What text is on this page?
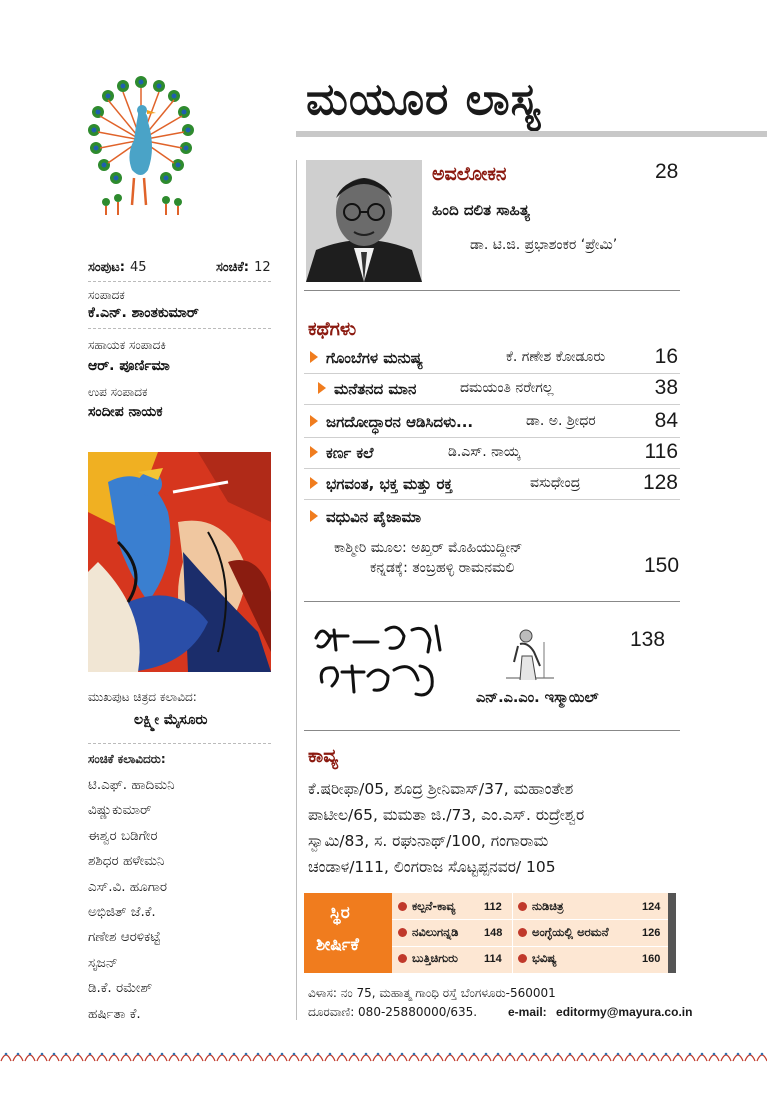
ಮಯೂರ ಲಾಸ್ಯ
ಸಂಪುಟ: 45	ಸಂಚಿಕೆ: 12
ಸಂಪಾದಕ
ಕೆ.ಎನ್. ಶಾಂತಕುಮಾರ್
ಸಹಾಯಕ ಸಂಪಾದಕಿ
ಆರ್. ಪೂರ್ಣಿಮಾ
ಉಪ ಸಂಪಾದಕ
ಸಂದೀಪ ನಾಯಕ
ಮುಖಪುಟ ಚಿತ್ರದ ಕಲಾವಿದ:
ಲಕ್ಷ್ಮೀ ಮೈಸೂರು
ಸಂಚಿಕೆ ಕಲಾವಿದರು:
ಟಿ.ಎಫ್. ಹಾದಿಮನಿ
ವಿಷ್ಣುಕುಮಾರ್
ಈಶ್ವರ ಬಡಿಗೇರ
ಶಶಿಧರ ಹಳೇಮನಿ
ಎಸ್.ವಿ. ಹೂಗಾರ
ಅಭಿಜಿತ್ ಜೆ.ಕೆ.
ಗಣೇಶ ಆರಳಿಕಟ್ಟೆ
ಸೃಜನ್
ಡಿ.ಕೆ. ರಮೇಶ್
ಹರ್ಷಿತಾ ಕೆ.
ಅವಲೋಕನ	28
ಹಿಂದಿ ದಲಿತ ಸಾಹಿತ್ಯ
ಡಾ. ಟಿ.ಜಿ. ಪ್ರಭಾಶಂಕರ ‘ಪ್ರೇಮಿ’
ಕಥೆಗಳು
ಗೊಂಬೆಗಳ ಮನುಷ್ಯ	ಕೆ. ಗಣೇಶ ಕೋಡೂರು 16
ಮನೆತನದ ಮಾನ	ದಮಯಂತಿ ನರೇಗಲ್ಲ	38
ಜಗದೋದ್ಧಾರನ ಆಡಿಸಿದಳು...	ಡಾ. ಅ. ಶ್ರೀಧರ	84
ಕರ್ಣ ಕಲೆ	ಡಿ.ಎಸ್. ನಾಯ್ಕ	116
ಭಗವಂತ, ಭಕ್ತ ಮತ್ತು ರಕ್ತ	ವಸುಧೇಂದ್ರ	128
ವಧುವಿನ ಪೈಜಾಮಾ
ಕಾಶ್ಮೀರಿ ಮೂಲ: ಅಖ್ತರ್ ಮೊಹಿಯುದ್ದೀನ್
ಕನ್ನಡಕ್ಕೆ: ತಂಬ್ರಹಳ್ಳಿ ರಾಮನಮಲಿ	150
138
ಎನ್.ಎ.ಎಂ. ಇಸ್ಮಾಯಿಲ್
ಕಾವ್ಯ
ಕೆ.ಷರೀಫಾ/05, ಶೂದ್ರ ಶ್ರೀನಿವಾಸ್/37, ಮಹಾಂತೇಶ
ಪಾಟೀಲ/65, ಮಮತಾ ಜಿ./73, ಎಂ.ಎಸ್. ರುದ್ರೇಶ್ವರ
ಸ್ವಾಮಿ/83, ಸ. ರಘುನಾಥ್/100, ಗಂಗಾರಾಮ
ಚಂಡಾಳ/111, ಲಿಂಗರಾಜ ಸೊಟ್ಟಪ್ಪನವರ/ 105
ಸ್ಥಿರ
ಶೀರ್ಷಿಕೆ
ಕಲ್ಪನೆ-ಕಾವ್ಯ	112	ನುಡಿಚಿತ್ರ	124
ನವಿಲುಗನ್ನಡಿ 148	ಅಂಗ್ಳೆಯಲ್ಲಿ ಅರಮನೆ	126
ಬುತ್ತಿಚಿಗುರು 114	ಭವಿಷ್ಯ	160
ವಿಳಾಸ: ನಂ 75, ಮಹಾತ್ಮ ಗಾಂಧಿ ರಸ್ತೆ ಬೆಂಗಳೂರು-560001
ದೂರವಾಣಿ: 080-25880000/635.	e-mail: editormy@mayura.co.in
